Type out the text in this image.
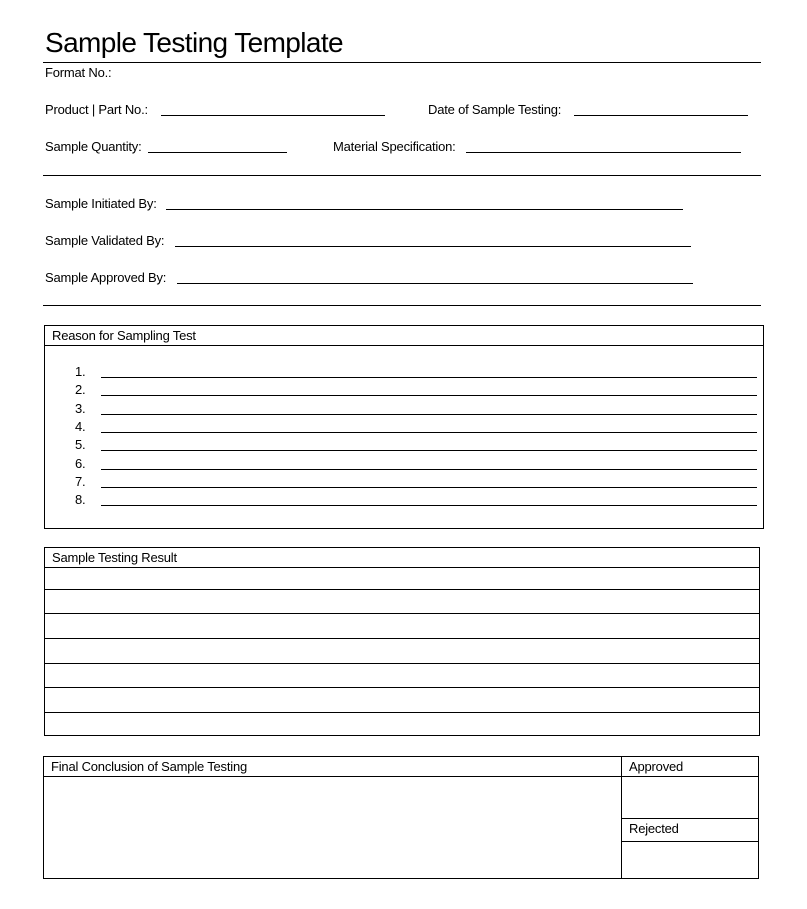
Sample Testing Template
Format No.:
Product | Part No.:	Date of Sample Testing:
Sample Quantity:	Material Specification:
Sample Initiated By:
Sample Validated By:
Sample Approved By:
Reason for Sampling Test
1.
2.
3.
4.
5.
6.
7.
8.
Sample Testing Result
Final Conclusion of Sample Testing	Approved
Rejected
